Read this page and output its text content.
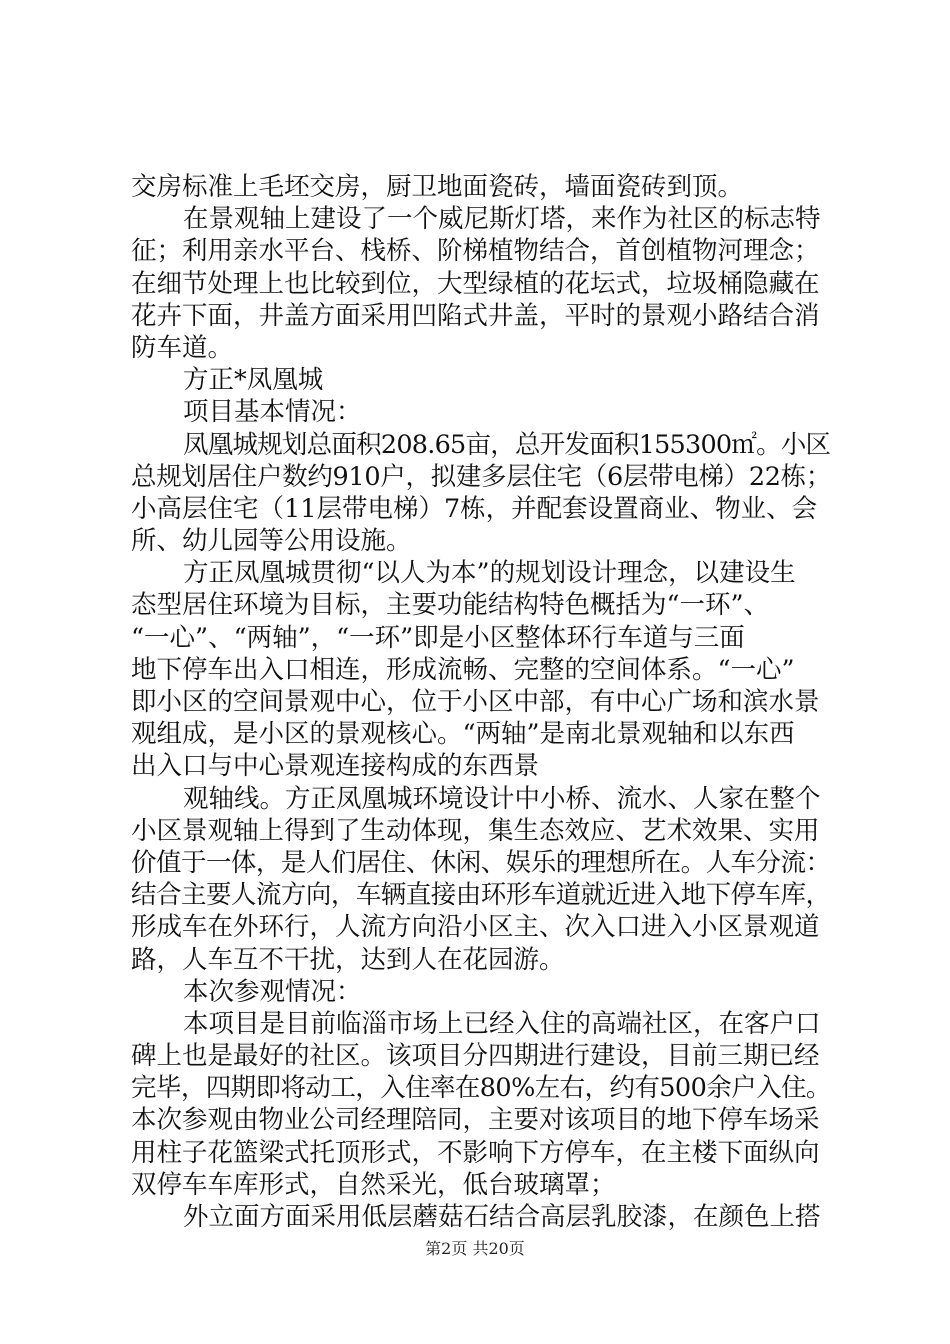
交房标准上毛坯交房，厨卫地面瓷砖，墙面瓷砖到顶。
在景观轴上建设了一个威尼斯灯塔，来作为社区的标志特
征；利用亲水平台、栈桥、阶梯植物结合，首创植物河理念；
在细节处理上也比较到位，大型绿植的花坛式，垃圾桶隐藏在
花卉下面，井盖方面采用凹陷式井盖，平时的景观小路结合消
防车道。
方正*凤凰城
项目基本情况：
凤凰城规划总面积208.65亩，总开发面积155300㎡。小区
总规划居住户数约910户，拟建多层住宅（6层带电梯）22栋；
小高层住宅（11层带电梯）7栋，并配套设置商业、物业、会
所、幼儿园等公用设施。
方正凤凰城贯彻“以人为本”的规划设计理念，以建设生
态型居住环境为目标，主要功能结构特色概括为“一环”、
“一心”、“两轴”，“一环”即是小区整体环行车道与三面
地下停车出入口相连，形成流畅、完整的空间体系。“一心”
即小区的空间景观中心，位于小区中部，有中心广场和滨水景
观组成，是小区的景观核心。“两轴”是南北景观轴和以东西
出入口与中心景观连接构成的东西景
观轴线。方正凤凰城环境设计中小桥、流水、人家在整个
小区景观轴上得到了生动体现，集生态效应、艺术效果、实用
价值于一体，是人们居住、休闲、娱乐的理想所在。人车分流：
结合主要人流方向，车辆直接由环形车道就近进入地下停车库，
形成车在外环行，人流方向沿小区主、次入口进入小区景观道
路，人车互不干扰，达到人在花园游。
本次参观情况：
本项目是目前临淄市场上已经入住的高端社区，在客户口
碑上也是最好的社区。该项目分四期进行建设，目前三期已经
完毕，四期即将动工，入住率在80%左右，约有500余户入住。
本次参观由物业公司经理陪同，主要对该项目的地下停车场采
用柱子花篮梁式托顶形式，不影响下方停车，在主楼下面纵向
双停车车库形式，自然采光，低台玻璃罩；
外立面方面采用低层蘑菇石结合高层乳胶漆，在颜色上搭
第2页 共20页
